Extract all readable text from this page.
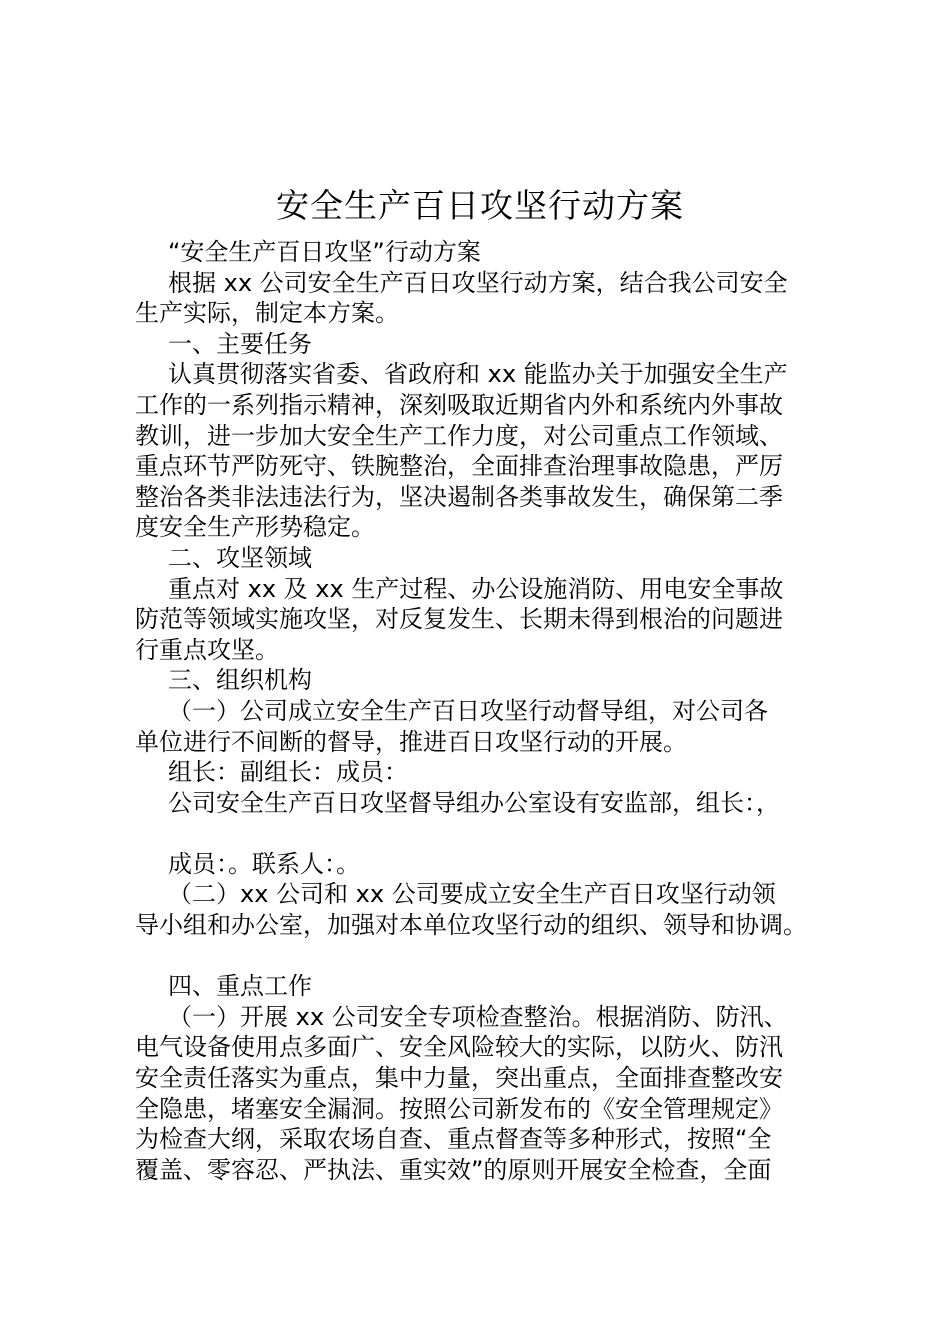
安全生产百日攻坚行动方案
“安全生产百日攻坚”行动方案
根据 xx 公司安全生产百日攻坚行动方案，结合我公司安全
生产实际，制定本方案。
一、主要任务
认真贯彻落实省委、省政府和 xx 能监办关于加强安全生产
工作的一系列指示精神，深刻吸取近期省内外和系统内外事故
教训，进一步加大安全生产工作力度，对公司重点工作领域、
重点环节严防死守、铁腕整治，全面排查治理事故隐患，严厉
整治各类非法违法行为，坚决遏制各类事故发生，确保第二季
度安全生产形势稳定。
二、攻坚领域
重点对 xx 及 xx 生产过程、办公设施消防、用电安全事故
防范等领域实施攻坚，对反复发生、长期未得到根治的问题进
行重点攻坚。
三、组织机构
（一）公司成立安全生产百日攻坚行动督导组，对公司各
单位进行不间断的督导，推进百日攻坚行动的开展。
组长：副组长：成员：
公司安全生产百日攻坚督导组办公室设有安监部，组长：，
成员：。联系人：。
（二）xx 公司和 xx 公司要成立安全生产百日攻坚行动领
导小组和办公室，加强对本单位攻坚行动的组织、领导和协调。
四、重点工作
（一）开展 xx 公司安全专项检查整治。根据消防、防汛、
电气设备使用点多面广、安全风险较大的实际，以防火、防汛
安全责任落实为重点，集中力量，突出重点，全面排查整改安
全隐患，堵塞安全漏洞。按照公司新发布的《安全管理规定》
为检查大纲，采取农场自查、重点督查等多种形式，按照“全
覆盖、零容忍、严执法、重实效”的原则开展安全检查，全面
